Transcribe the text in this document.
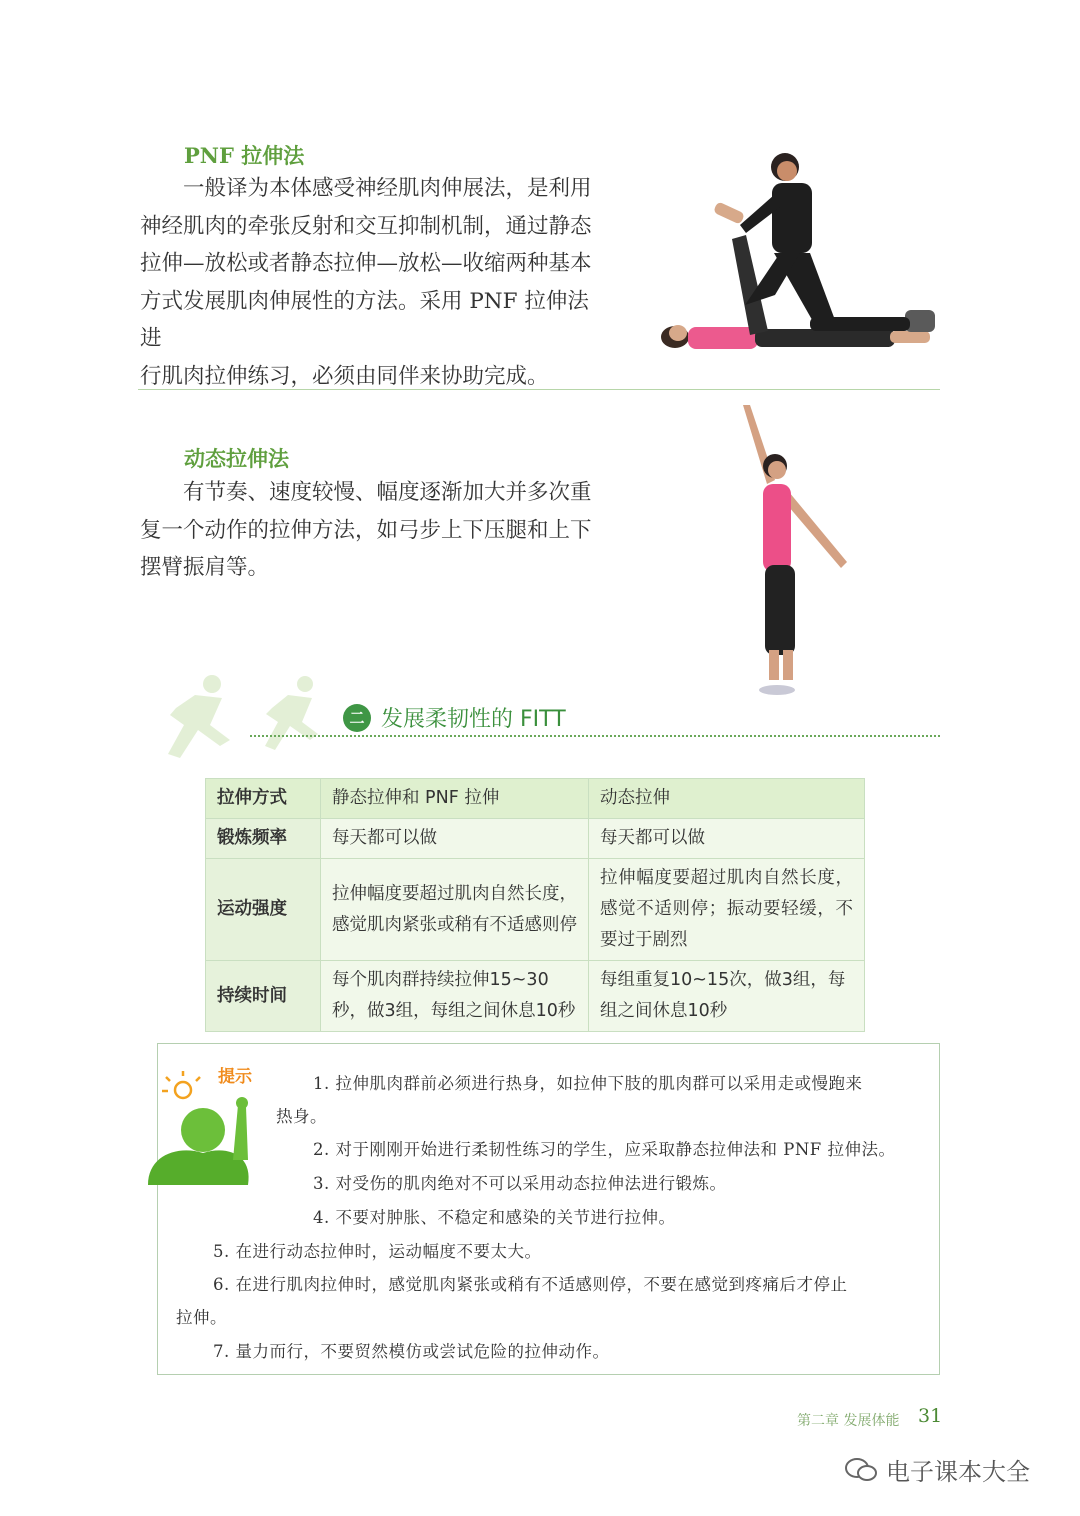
PNF 拉伸法

一般译为本体感受神经肌肉伸展法，是利用

神经肌肉的牵张反射和交互抑制机制，通过静态

拉伸—放松或者静态拉伸—放松—收缩两种基本

方式发展肌肉伸展性的方法。采用 PNF 拉伸法进

行肌肉拉伸练习，必须由同伴来协助完成。

动态拉伸法

有节奏、速度较慢、幅度逐渐加大并多次重

复一个动作的拉伸方法，如弓步上下压腿和上下

摆臂振肩等。

二 发展柔韧性的 FITT
拉伸方式	静态拉伸和 PNF 拉伸	动态拉伸
锻炼频率	每天都可以做	每天都可以做
运动强度	拉伸幅度要超过肌肉自然长度，感觉肌肉紧张或稍有不适感则停	拉伸幅度要超过肌肉自然长度，感觉不适则停；振动要轻缓，不要过于剧烈
持续时间	每个肌肉群持续拉伸15~30秒，做3组，每组之间休息10秒	每组重复10~15次，做3组，每组之间休息10秒
提示	1. 拉伸肌肉群前必须进行热身，如拉伸下肢的肌肉群可以采用走或慢跑来
热身。
2. 对于刚刚开始进行柔韧性练习的学生，应采取静态拉伸法和 PNF 拉伸法。
3. 对受伤的肌肉绝对不可以采用动态拉伸法进行锻炼。
4. 不要对肿胀、不稳定和感染的关节进行拉伸。
5. 在进行动态拉伸时，运动幅度不要太大。
6. 在进行肌肉拉伸时，感觉肌肉紧张或稍有不适感则停，不要在感觉到疼痛后才停止
拉伸。
7. 量力而行，不要贸然模仿或尝试危险的拉伸动作。
第二章 发展体能 31
电子课本大全
